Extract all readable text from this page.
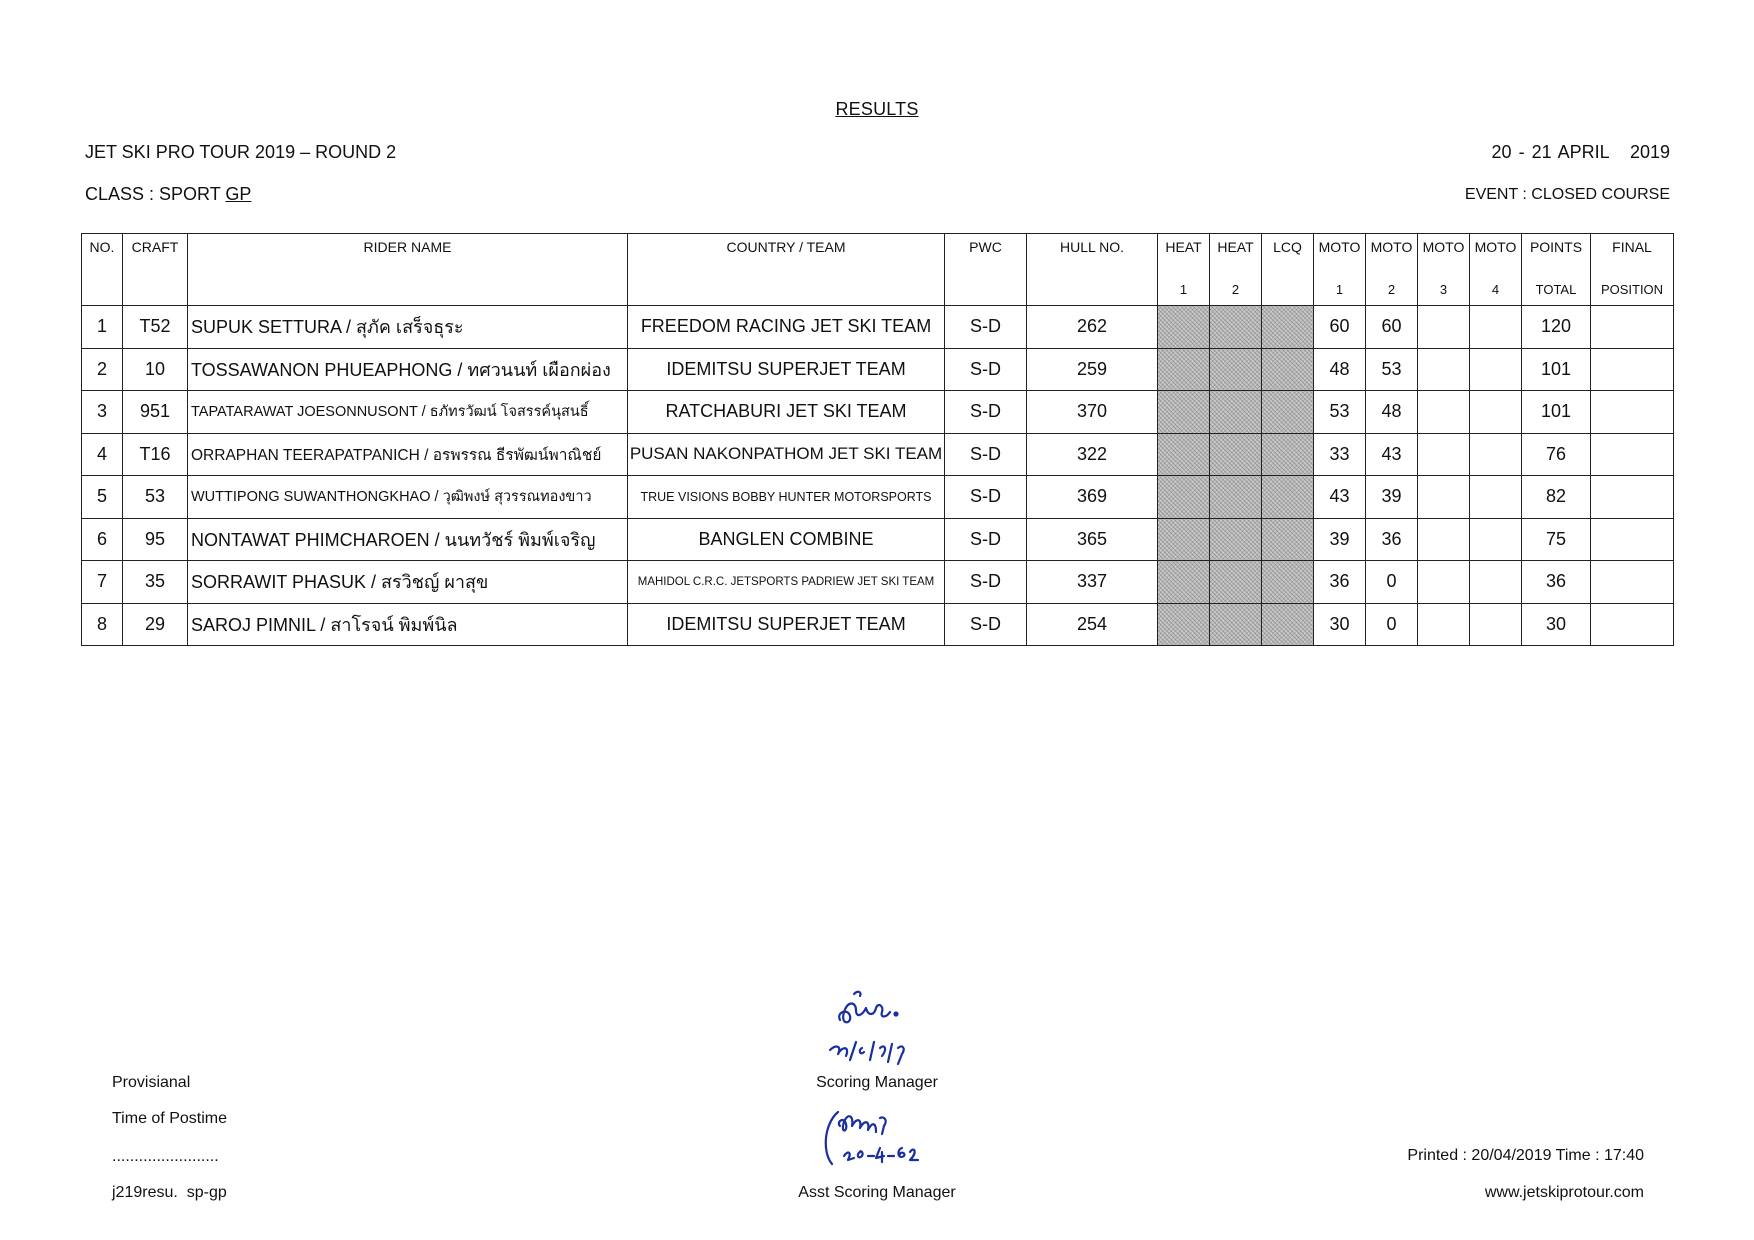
RESULTS
JET SKI PRO TOUR 2019 – ROUND 2	20 - 21 APRIL   2019
CLASS : SPORT GP	EVENT : CLOSED COURSE
NO.	CRAFT	RIDER NAME	COUNTRY / TEAM	PWC	HULL NO.	HEAT	HEAT	LCQ	MOTO	MOTO	MOTO	MOTO	POINTS	FINAL
						1	2		1	2	3	4	TOTAL	POSITION
1	T52	SUPUK SETTURA / สุภัค เสร็จธุระ	FREEDOM RACING JET SKI TEAM	S-D	262				60	60			120	
2	10	TOSSAWANON PHUEAPHONG / ทศวนนท์ เผือกผ่อง	IDEMITSU SUPERJET TEAM	S-D	259				48	53			101	
3	951	TAPATARAWAT JOESONNUSONT / ธภัทรวัฒน์ โจสรรค์นุสนธิ์	RATCHABURI JET SKI TEAM	S-D	370				53	48			101	
4	T16	ORRAPHAN TEERAPATPANICH / อรพรรณ ธีรพัฒน์พาณิชย์	PUSAN NAKONPATHOM JET SKI TEAM	S-D	322				33	43			76	
5	53	WUTTIPONG SUWANTHONGKHAO / วุฒิพงษ์ สุวรรณทองขาว	TRUE VISIONS BOBBY HUNTER MOTORSPORTS	S-D	369				43	39			82	
6	95	NONTAWAT PHIMCHAROEN / นนทวัชร์ พิมพ์เจริญ	BANGLEN COMBINE	S-D	365				39	36			75	
7	35	SORRAWIT PHASUK / สรวิชญ์ ผาสุข	MAHIDOL C.R.C. JETSPORTS PADRIEW JET SKI TEAM	S-D	337				36	0			36	
8	29	SAROJ PIMNIL / สาโรจน์ พิมพ์นิล	IDEMITSU SUPERJET TEAM	S-D	254				30	0			30	
Provisianal
Time of Postime
........................
j219resu.  sp-gp
Scoring Manager
Asst Scoring Manager
Printed : 20/04/2019 Time : 17:40
www.jetskiprotour.com
